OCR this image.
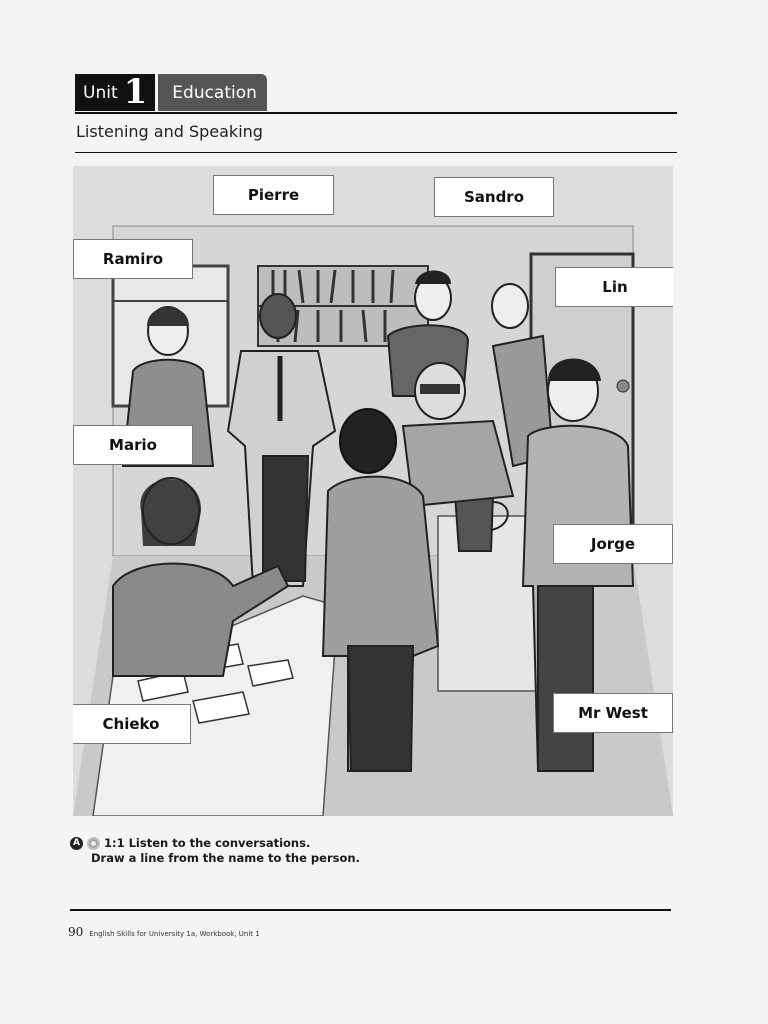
Unit 1	Education
Listening and Speaking
Pierre	Sandro
Ramiro
Lin
Mario
Jorge
Chieko
Mr West
A 1:1 Listen to the conversations.
Draw a line from the name to the person.
90 English Skills for University 1a, Workbook, Unit 1
